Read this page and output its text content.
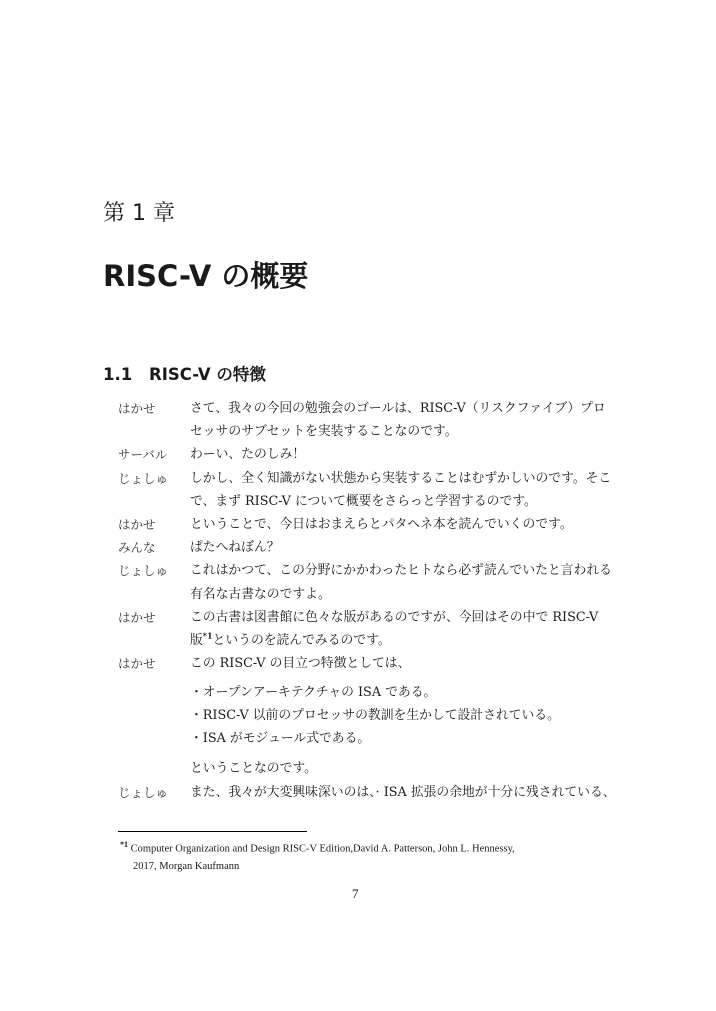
第 1 章
RISC-V の概要
1.1 RISC-V の特徴
はかせ	さて、我々の今回の勉強会のゴールは、RISC-V（リスクファイブ）プロ
セッサのサブセットを実装することなのです。
サーバル わーい、たのしみ！
じょしゅ しかし、全く知識がない状態から実装することはむずかしいのです。そこ
で、まず RISC-V について概要をさらっと学習するのです。
はかせ	ということで、今日はおまえらとパタヘネ本を読んでいくのです。
みんな	ぱたへねぼん？
じょしゅ これはかつて、この分野にかかわったヒトなら必ず読んでいたと言われる
有名な古書なのですよ。
はかせ	この古書は図書館に色々な版があるのですが、今回はその中で RISC-V
版$^{*1}$というのを読んでみるのです。
はかせ	この RISC-V の目立つ特徴としては、
・オープンアーキテクチャの ISA である。
・RISC-V 以前のプロセッサの教訓を生かして設計されている。
・ISA がモジュール式である。
ということなのです。
じょしゅ また、我々が大変興味深いのは、· ISA 拡張の余地が十分に残されている、
$^{*1}$ Computer Organization and Design RISC-V Edition,David A. Patterson, John L. Hennessy,
2017, Morgan Kaufmann
7
